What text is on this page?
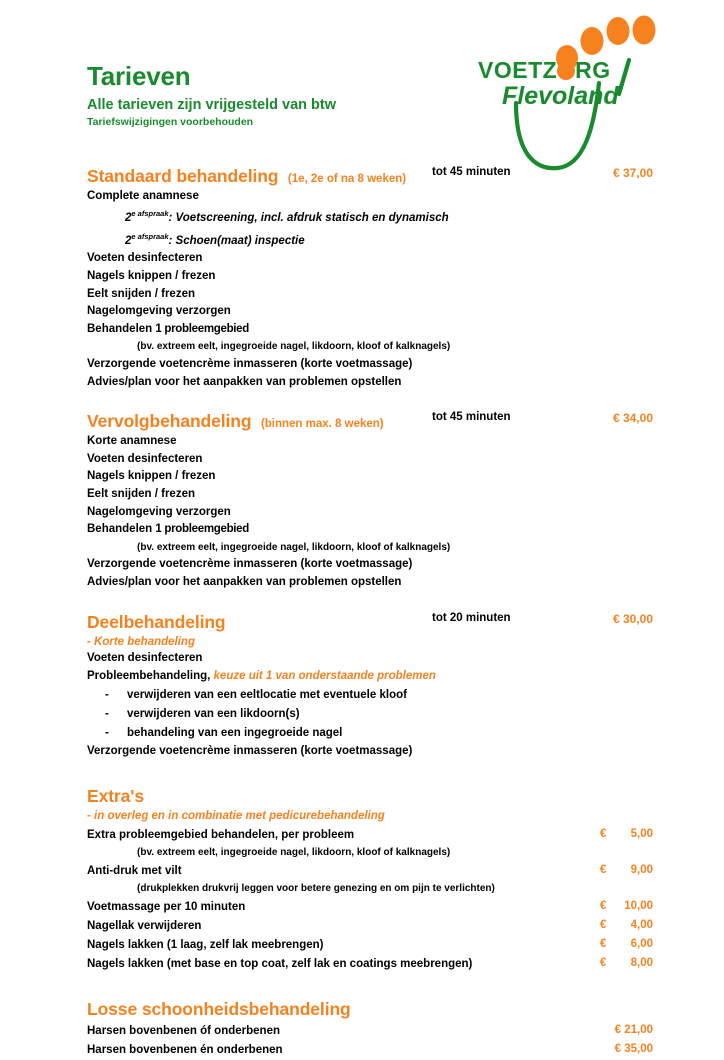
VOETZ RG
Flevoland
Tarieven
Alle tarieven zijn vrijgesteld van btw
Tariefswijzigingen voorbehouden
Standaard behandeling (1e, 2e of na 8 weken)
tot 45 minuten	€ 37,00
Complete anamnese
$2^{e afspraak}$: Voetscreening, incl. afdruk statisch en dynamisch
$2^{e afspraak}$: Schoen(maat) inspectie
Voeten desinfecteren
Nagels knippen / frezen
Eelt snijden / frezen
Nagelomgeving verzorgen
Behandelen 1 probleemgebied
(bv. extreem eelt, ingegroeide nagel, likdoorn, kloof of kalknagels)
Verzorgende voetencrème inmasseren (korte voetmassage)
Advies/plan voor het aanpakken van problemen opstellen
Vervolgbehandeling (binnen max. 8 weken)
tot 45 minuten	€ 34,00
Korte anamnese
Voeten desinfecteren
Nagels knippen / frezen
Eelt snijden / frezen
Nagelomgeving verzorgen
Behandelen 1 probleemgebied
(bv. extreem eelt, ingegroeide nagel, likdoorn, kloof of kalknagels)
Verzorgende voetencrème inmasseren (korte voetmassage)
Advies/plan voor het aanpakken van problemen opstellen
Deelbehandeling	tot 20 minuten	€ 30,00
- Korte behandeling
Voeten desinfecteren
Probleembehandeling, keuze uit 1 van onderstaande problemen
- verwijderen van een eeltlocatie met eventuele kloof
- verwijderen van een likdoorn(s)
- behandeling van een ingegroeide nagel
Verzorgende voetencrème inmasseren (korte voetmassage)
Extra's
- in overleg en in combinatie met pedicurebehandeling
Extra probleemgebied behandelen, per probleem	€	5,00
(bv. extreem eelt, ingegroeide nagel, likdoorn, kloof of kalknagels)
Anti-druk met vilt	€	9,00
(drukplekken drukvrij leggen voor betere genezing en om pijn te verlichten)
Voetmassage per 10 minuten	€	10,00
Nagellak verwijderen	€	4,00
Nagels lakken (1 laag, zelf lak meebrengen)	€	6,00
Nagels lakken (met base en top coat, zelf lak en coatings meebrengen)	€	8,00
Losse schoonheidsbehandeling
Harsen bovenbenen óf onderbenen	€ 21,00
Harsen bovenbenen én onderbenen	€ 35,00
